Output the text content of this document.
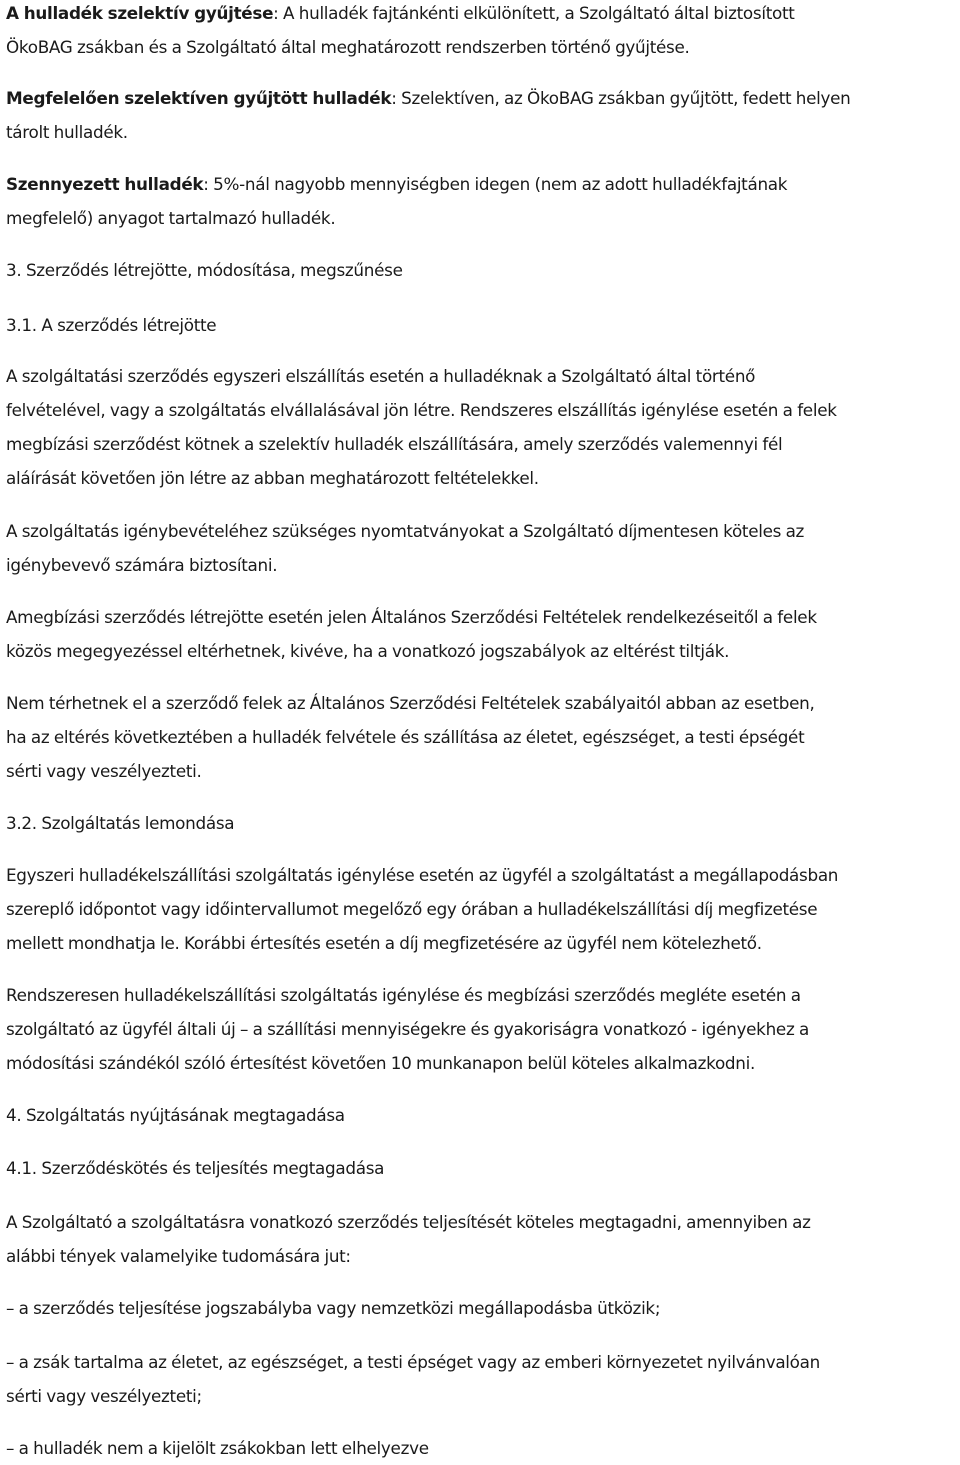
A hulladék szelektív gyűjtése: A hulladék fajtánkénti elkülönített, a Szolgáltató által biztosított
ÖkoBAG zsákban és a Szolgáltató által meghatározott rendszerben történő gyűjtése.

Megfelelően szelektíven gyűjtött hulladék: Szelektíven, az ÖkoBAG zsákban gyűjtött, fedett helyen
tárolt hulladék.

Szennyezett hulladék: 5%-nál nagyobb mennyiségben idegen (nem az adott hulladékfajtának
megfelelő) anyagot tartalmazó hulladék.

3. Szerződés létrejötte, módosítása, megszűnése

3.1. A szerződés létrejötte

A szolgáltatási szerződés egyszeri elszállítás esetén a hulladéknak a Szolgáltató által történő
felvételével, vagy a szolgáltatás elvállalásával jön létre. Rendszeres elszállítás igénylése esetén a felek
megbízási szerződést kötnek a szelektív hulladék elszállítására, amely szerződés valemennyi fél
aláírását követően jön létre az abban meghatározott feltételekkel.

A szolgáltatás igénybevételéhez szükséges nyomtatványokat a Szolgáltató díjmentesen köteles az
igénybevevő számára biztosítani.

Amegbízási szerződés létrejötte esetén jelen Általános Szerződési Feltételek rendelkezéseitől a felek
közös megegyezéssel eltérhetnek, kivéve, ha a vonatkozó jogszabályok az eltérést tiltják.

Nem térhetnek el a szerződő felek az Általános Szerződési Feltételek szabályaitól abban az esetben,
ha az eltérés következtében a hulladék felvétele és szállítása az életet, egészséget, a testi épségét
sérti vagy veszélyezteti.

3.2. Szolgáltatás lemondása

Egyszeri hulladékelszállítási szolgáltatás igénylése esetén az ügyfél a szolgáltatást a megállapodásban
szereplő időpontot vagy időintervallumot megelőző egy órában a hulladékelszállítási díj megfizetése
mellett mondhatja le. Korábbi értesítés esetén a díj megfizetésére az ügyfél nem kötelezhető.

Rendszeresen hulladékelszállítási szolgáltatás igénylése és megbízási szerződés megléte esetén a
szolgáltató az ügyfél általi új – a szállítási mennyiségekre és gyakoriságra vonatkozó - igényekhez a
módosítási szándékól szóló értesítést követően 10 munkanapon belül köteles alkalmazkodni.

4. Szolgáltatás nyújtásának megtagadása

4.1. Szerződéskötés és teljesítés megtagadása

A Szolgáltató a szolgáltatásra vonatkozó szerződés teljesítését köteles megtagadni, amennyiben az
alábbi tények valamelyike tudomására jut:

– a szerződés teljesítése jogszabályba vagy nemzetközi megállapodásba ütközik;

– a zsák tartalma az életet, az egészséget, a testi épséget vagy az emberi környezetet nyilvánvalóan
sérti vagy veszélyezteti;

– a hulladék nem a kijelölt zsákokban lett elhelyezve
